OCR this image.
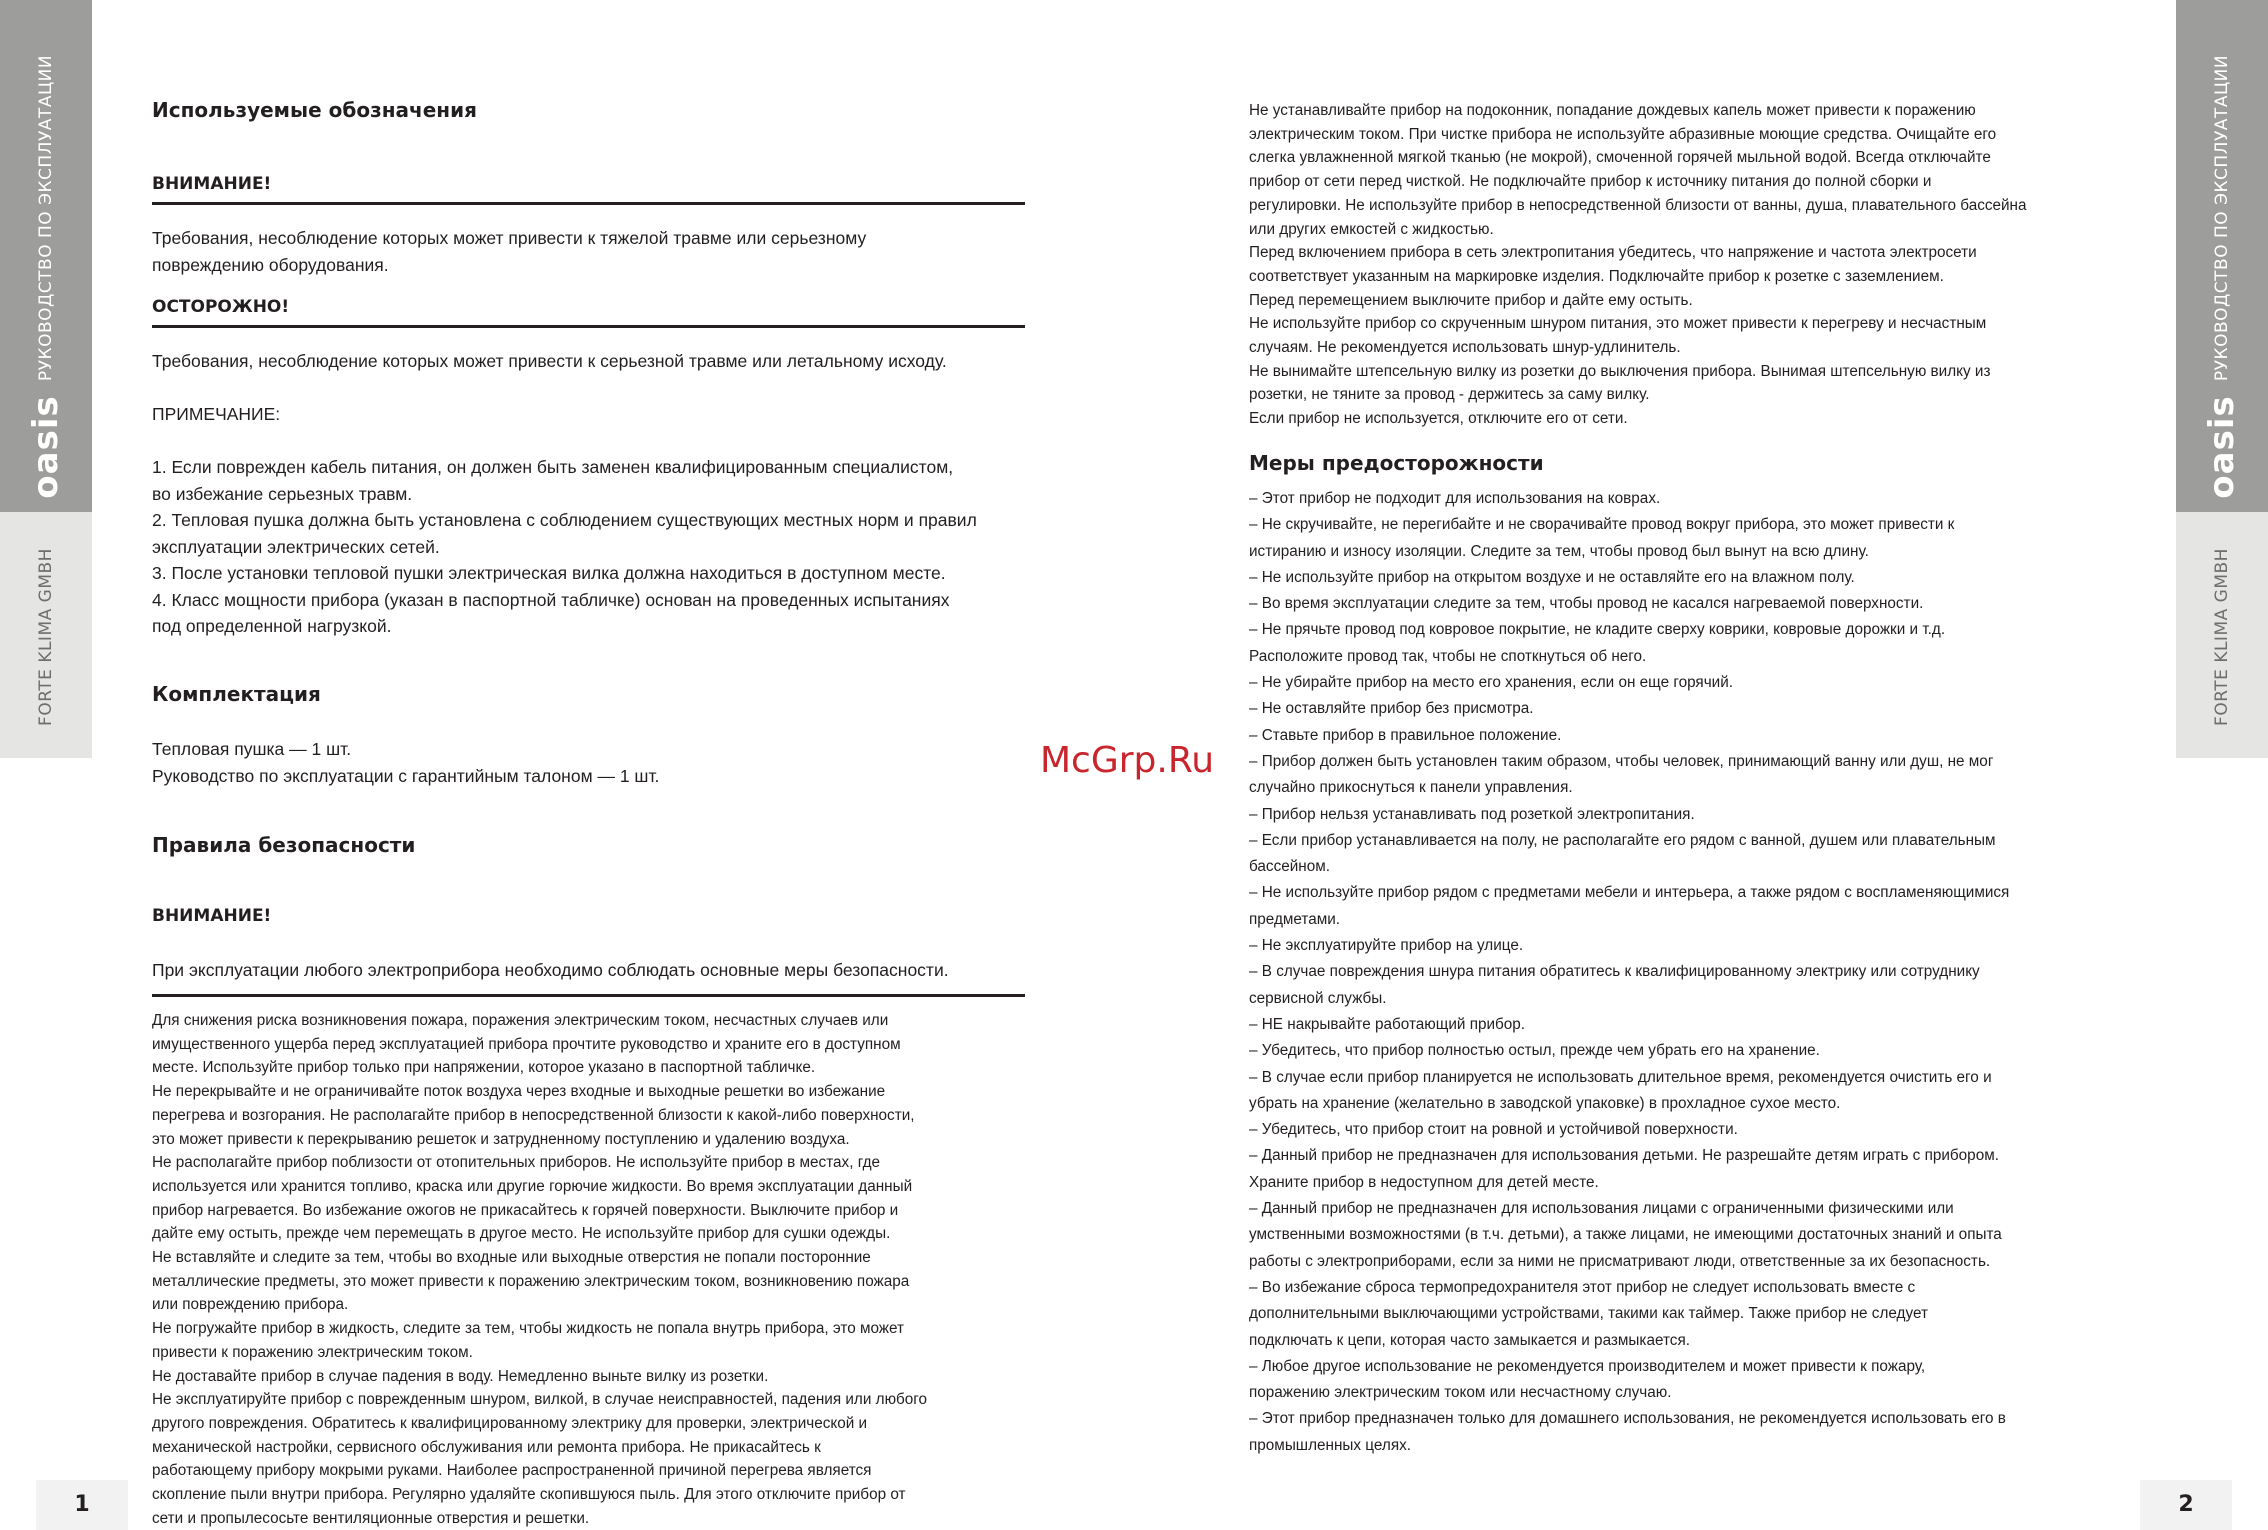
РУКОВОДСТВО ПО ЭКСПЛУАТАЦИИ
oasis
FORTE KLIMA GMBH
1
РУКОВОДСТВО ПО ЭКСПЛУАТАЦИИ
oasis
FORTE KLIMA GMBH
2
Используемые обозначения
ВНИМАНИЕ!
Требования, несоблюдение которых может привести к тяжелой травме или серьезному
повреждению оборудования.
ОСТОРОЖНО!
Требования, несоблюдение которых может привести к серьезной травме или летальному исходу.
ПРИМЕЧАНИЕ:
1. Если поврежден кабель питания, он должен быть заменен квалифицированным специалистом,
во избежание серьезных травм.
2. Тепловая пушка должна быть установлена с соблюдением существующих местных норм и правил
эксплуатации электрических сетей.
3. После установки тепловой пушки электрическая вилка должна находиться в доступном месте.
4. Класс мощности прибора (указан в паспортной табличке) основан на проведенных испытаниях
под определенной нагрузкой.
Комплектация
Тепловая пушка — 1 шт.
Руководство по эксплуатации с гарантийным талоном — 1 шт.
Правила безопасности
ВНИМАНИЕ!
При эксплуатации любого электроприбора необходимо соблюдать основные меры безопасности.
Для снижения риска возникновения пожара, поражения электрическим током, несчастных случаев или
имущественного ущерба перед эксплуатацией прибора прочтите руководство и храните его в доступном
месте. Используйте прибор только при напряжении, которое указано в паспортной табличке.
Не перекрывайте и не ограничивайте поток воздуха через входные и выходные решетки во избежание
перегрева и возгорания. Не располагайте прибор в непосредственной близости к какой-либо поверхности,
это может привести к перекрыванию решеток и затрудненному поступлению и удалению воздуха.
Не располагайте прибор поблизости от отопительных приборов. Не используйте прибор в местах, где
используется или хранится топливо, краска или другие горючие жидкости. Во время эксплуатации данный
прибор нагревается. Во избежание ожогов не прикасайтесь к горячей поверхности. Выключите прибор и
дайте ему остыть, прежде чем перемещать в другое место. Не используйте прибор для сушки одежды.
Не вставляйте и следите за тем, чтобы во входные или выходные отверстия не попали посторонние
металлические предметы, это может привести к поражению электрическим током, возникновению пожара
или повреждению прибора.
Не погружайте прибор в жидкость, следите за тем, чтобы жидкость не попала внутрь прибора, это может
привести к поражению электрическим током.
Не доставайте прибор в случае падения в воду. Немедленно выньте вилку из розетки.
Не эксплуатируйте прибор с поврежденным шнуром, вилкой, в случае неисправностей, падения или любого
другого повреждения. Обратитесь к квалифицированному электрику для проверки, электрической и
механической настройки, сервисного обслуживания или ремонта прибора. Не прикасайтесь к
работающему прибору мокрыми руками. Наиболее распространенной причиной перегрева является
скопление пыли внутри прибора. Регулярно удаляйте скопившуюся пыль. Для этого отключите прибор от
сети и пропылесосьте вентиляционные отверстия и решетки.
Не устанавливайте прибор на подоконник, попадание дождевых капель может привести к поражению
электрическим током. При чистке прибора не используйте абразивные моющие средства. Очищайте его
слегка увлажненной мягкой тканью (не мокрой), смоченной горячей мыльной водой. Всегда отключайте
прибор от сети перед чисткой. Не подключайте прибор к источнику питания до полной сборки и
регулировки. Не используйте прибор в непосредственной близости от ванны, душа, плавательного бассейна
или других емкостей с жидкостью.
Перед включением прибора в сеть электропитания убедитесь, что напряжение и частота электросети
соответствует указанным на маркировке изделия. Подключайте прибор к розетке с заземлением.
Перед перемещением выключите прибор и дайте ему остыть.
Не используйте прибор со скрученным шнуром питания, это может привести к перегреву и несчастным
случаям. Не рекомендуется использовать шнур-удлинитель.
Не вынимайте штепсельную вилку из розетки до выключения прибора. Вынимая штепсельную вилку из
розетки, не тяните за провод - держитесь за саму вилку.
Если прибор не используется, отключите его от сети.
Меры предосторожности
– Этот прибор не подходит для использования на коврах.
– Не скручивайте, не перегибайте и не сворачивайте провод вокруг прибора, это может привести к
истиранию и износу изоляции. Следите за тем, чтобы провод был вынут на всю длину.
– Не используйте прибор на открытом воздухе и не оставляйте его на влажном полу.
– Во время эксплуатации следите за тем, чтобы провод не касался нагреваемой поверхности.
– Не прячьте провод под ковровое покрытие, не кладите сверху коврики, ковровые дорожки и т.д.
Расположите провод так, чтобы не споткнуться об него.
– Не убирайте прибор на место его хранения, если он еще горячий.
– Не оставляйте прибор без присмотра.
– Ставьте прибор в правильное положение.
– Прибор должен быть установлен таким образом, чтобы человек, принимающий ванну или душ, не мог
случайно прикоснуться к панели управления.
– Прибор нельзя устанавливать под розеткой электропитания.
– Если прибор устанавливается на полу, не располагайте его рядом с ванной, душем или плавательным
бассейном.
– Не используйте прибор рядом с предметами мебели и интерьера, а также рядом с воспламеняющимися
предметами.
– Не эксплуатируйте прибор на улице.
– В случае повреждения шнура питания обратитесь к квалифицированному электрику или сотруднику
сервисной службы.
– НЕ накрывайте работающий прибор.
– Убедитесь, что прибор полностью остыл, прежде чем убрать его на хранение.
– В случае если прибор планируется не использовать длительное время, рекомендуется очистить его и
убрать на хранение (желательно в заводской упаковке) в прохладное сухое место.
– Убедитесь, что прибор стоит на ровной и устойчивой поверхности.
– Данный прибор не предназначен для использования детьми. Не разрешайте детям играть с прибором.
Храните прибор в недоступном для детей месте.
– Данный прибор не предназначен для использования лицами с ограниченными физическими или
умственными возможностями (в т.ч. детьми), а также лицами, не имеющими достаточных знаний и опыта
работы с электроприборами, если за ними не присматривают люди, ответственные за их безопасность.
– Во избежание сброса термопредохранителя этот прибор не следует использовать вместе с
дополнительными выключающими устройствами, такими как таймер. Также прибор не следует
подключать к цепи, которая часто замыкается и размыкается.
– Любое другое использование не рекомендуется производителем и может привести к пожару,
поражению электрическим током или несчастному случаю.
– Этот прибор предназначен только для домашнего использования, не рекомендуется использовать его в
промышленных целях.
McGrp.Ru
